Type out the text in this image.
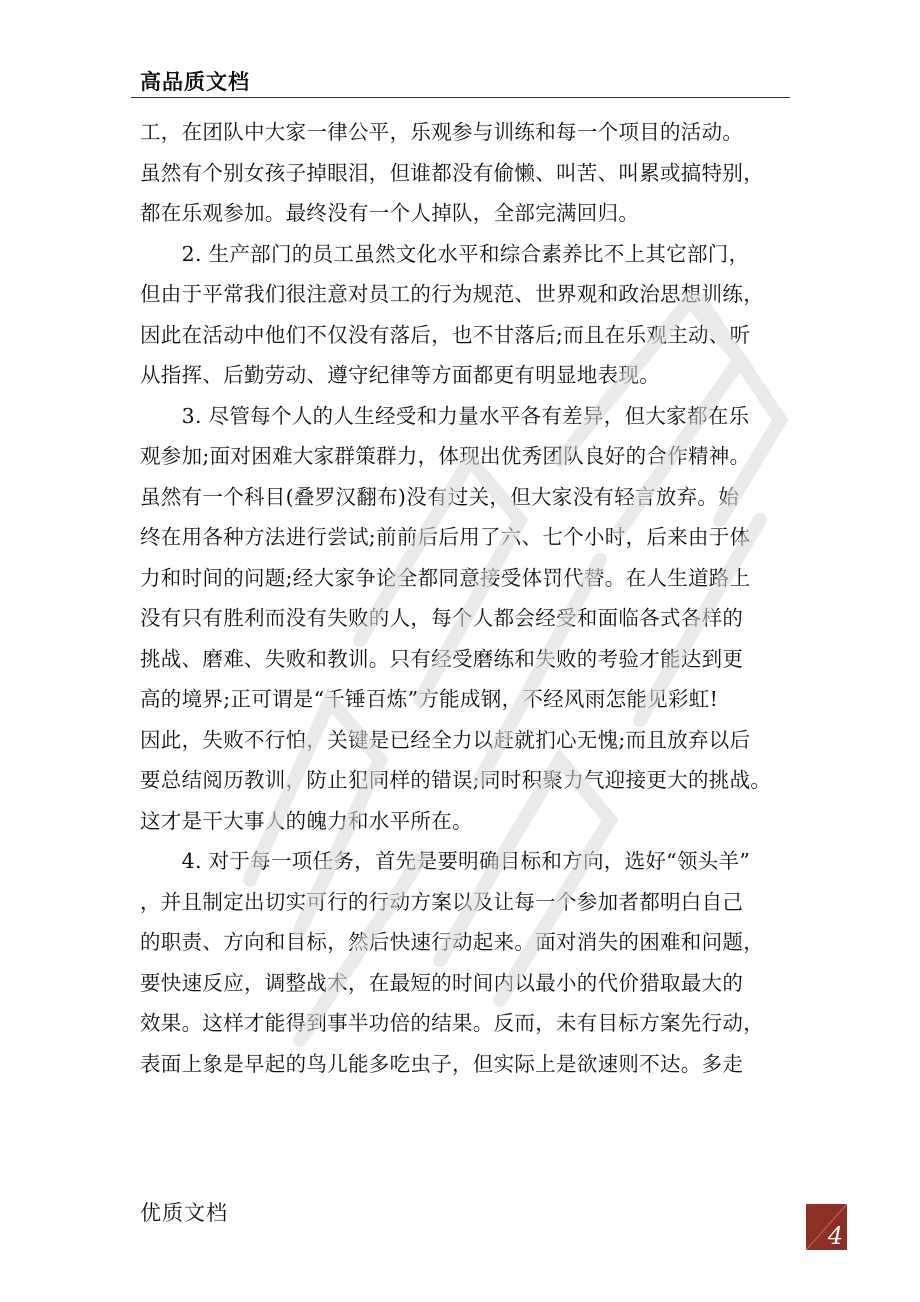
高品质文档
工，在团队中大家一律公平，乐观参与训练和每一个项目的活动。
虽然有个别女孩子掉眼泪，但谁都没有偷懒、叫苦、叫累或搞特别，
都在乐观参加。最终没有一个人掉队，全部完满回归。
　　2. 生产部门的员工虽然文化水平和综合素养比不上其它部门，
但由于平常我们很注意对员工的行为规范、世界观和政治思想训练，
因此在活动中他们不仅没有落后，也不甘落后;而且在乐观主动、听
从指挥、后勤劳动、遵守纪律等方面都更有明显地表现。
　　3. 尽管每个人的人生经受和力量水平各有差异，但大家都在乐
观参加;面对困难大家群策群力，体现出优秀团队良好的合作精神。
虽然有一个科目(叠罗汉翻布)没有过关，但大家没有轻言放弃。始
终在用各种方法进行尝试;前前后后用了六、七个小时，后来由于体
力和时间的问题;经大家争论全都同意接受体罚代替。在人生道路上
没有只有胜利而没有失败的人，每个人都会经受和面临各式各样的
挑战、磨难、失败和教训。只有经受磨练和失败的考验才能达到更
高的境界;正可谓是“千锤百炼”方能成钢，不经风雨怎能见彩虹!
因此，失败不行怕，关键是已经全力以赶就扪心无愧;而且放弃以后
要总结阅历教训，防止犯同样的错误;同时积聚力气迎接更大的挑战。
这才是干大事人的魄力和水平所在。
　　4. 对于每一项任务，首先是要明确目标和方向，选好“领头羊”
，并且制定出切实可行的行动方案以及让每一个参加者都明白自己
的职责、方向和目标，然后快速行动起来。面对消失的困难和问题，
要快速反应，调整战术，在最短的时间内以最小的代价猎取最大的
效果。这样才能得到事半功倍的结果。反而，未有目标方案先行动，
表面上象是早起的鸟儿能多吃虫子，但实际上是欲速则不达。多走
优质文档
4
